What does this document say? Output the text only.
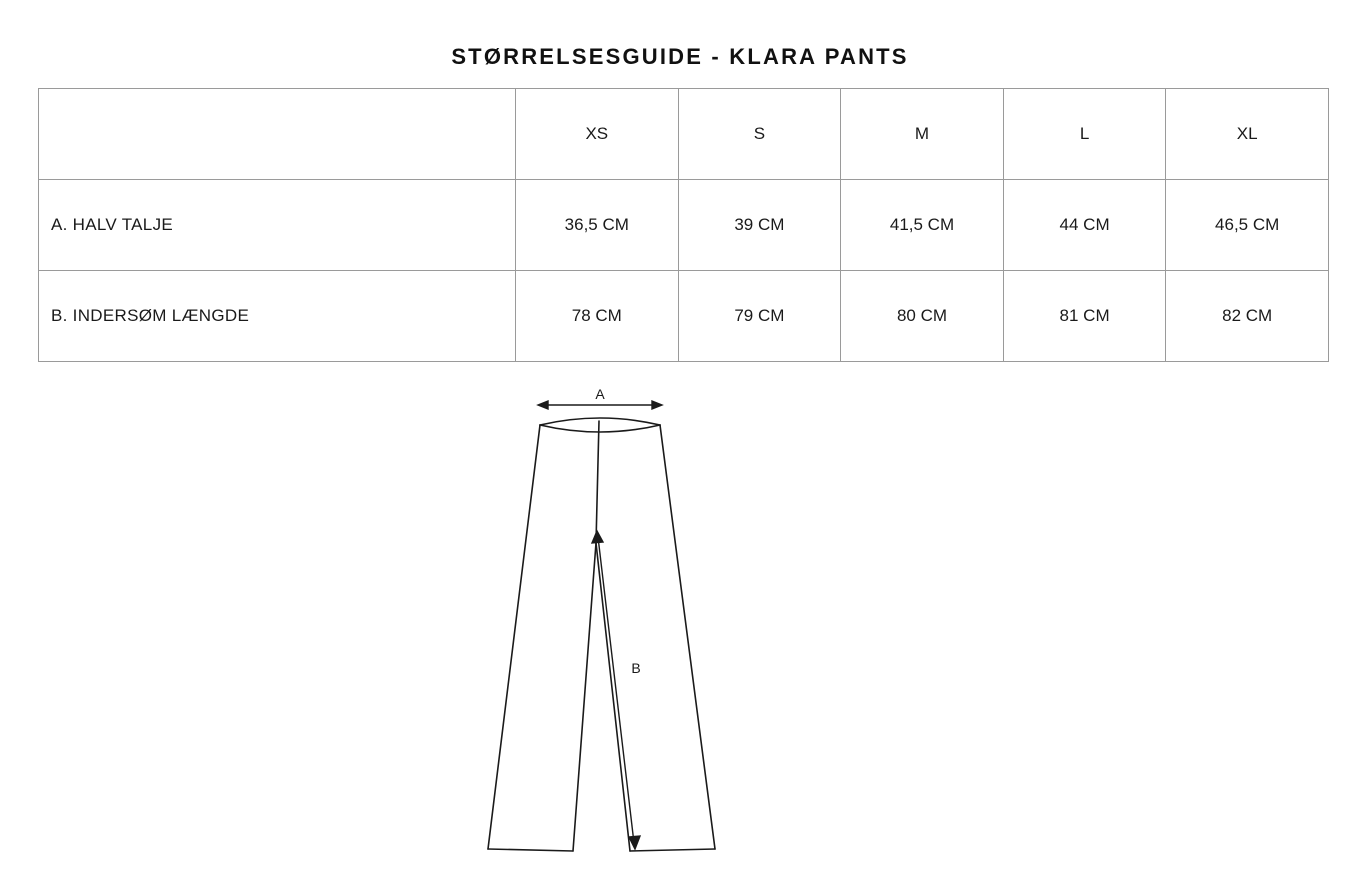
STØRRELSESGUIDE - KLARA PANTS
	XS	S	M	L	XL
A. HALV TALJE	36,5 CM	39 CM	41,5 CM	44 CM	46,5 CM
B. INDERSØM LÆNGDE	78 CM	79 CM	80 CM	81 CM	82 CM
A
B
